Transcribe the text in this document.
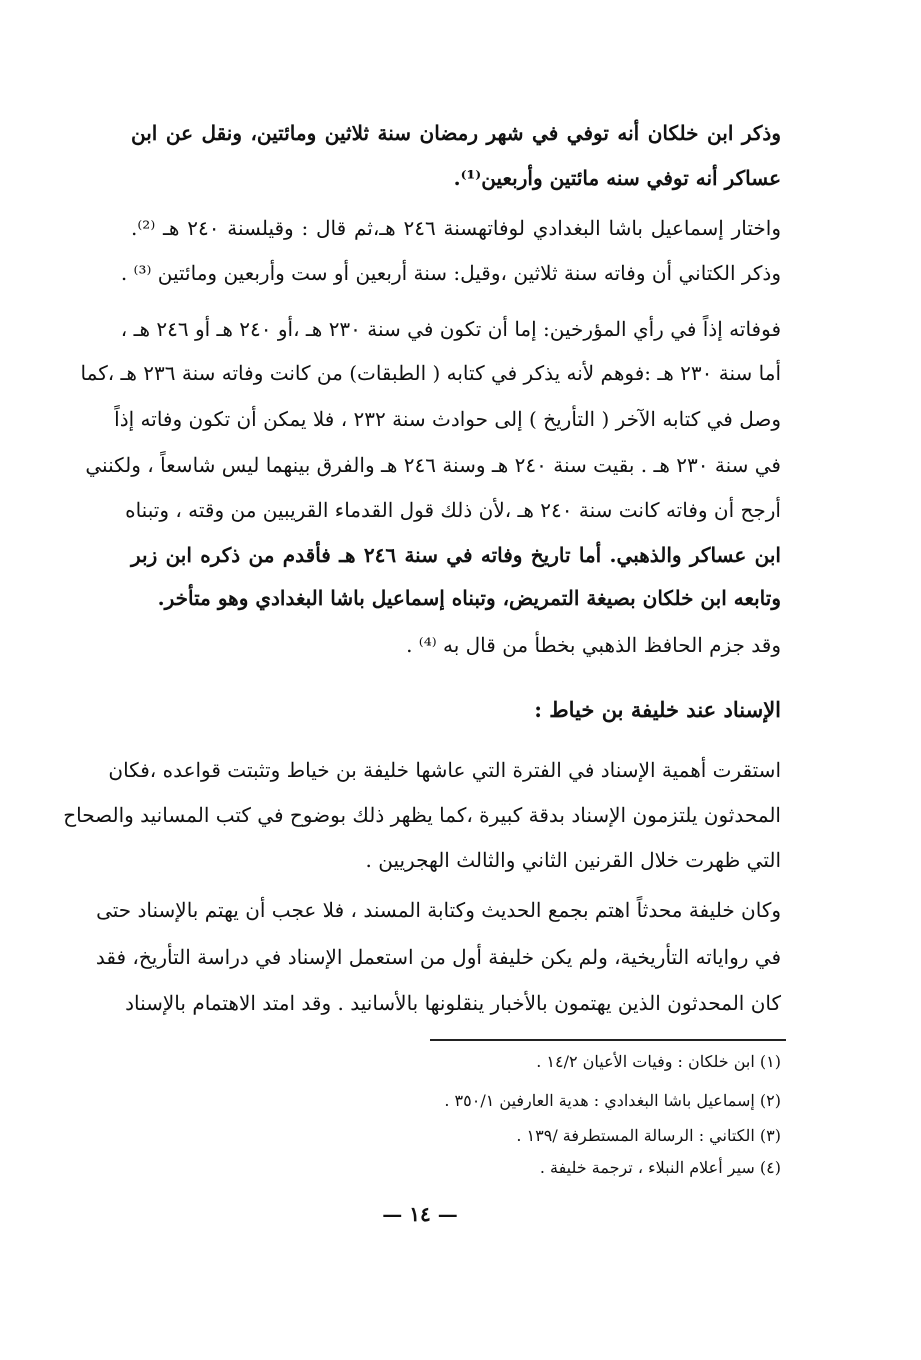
وذكر ابن خلكان أنه توفي في شهر رمضان سنة ثلاثين ومائتين، ونقل عن ابن
عساكر أنه توفي سنه مائتين وأربعين⁽¹⁾.
واختار إسماعيل باشا البغدادي لوفاتهسنة ٢٤٦ هـ،ثم قال : وقيلسنة ٢٤٠ هـ ⁽²⁾.
وذكر الكتاني أن وفاته سنة ثلاثين ،وقيل: سنة أربعين أو ست وأربعين ومائتين ⁽³⁾ .
فوفاته إذاً في رأي المؤرخين: إما أن تكون في سنة ٢٣٠ هـ ،أو ٢٤٠ هـ أو ٢٤٦ هـ ،
أما سنة ٢٣٠ هـ :فوهم لأنه يذكر في كتابه ( الطبقات) من كانت وفاته سنة ٢٣٦ هـ ،كما
وصل في كتابه الآخر ( التأريخ ) إلى حوادث سنة ٢٣٢ ، فلا يمكن أن تكون وفاته إذاً
في سنة ٢٣٠ هـ . بقيت سنة ٢٤٠ هـ وسنة ٢٤٦ هـ والفرق بينهما ليس شاسعاً ، ولكنني
أرجح أن وفاته كانت سنة ٢٤٠ هـ ،لأن ذلك قول القدماء القريبين من وقته ، وتبناه
ابن عساكر والذهبي. أما تاريخ وفاته في سنة ٢٤٦ هـ فأقدم من ذكره ابن زبر
وتابعه ابن خلكان بصيغة التمريض، وتبناه إسماعيل باشا البغدادي وهو متأخر.
وقد جزم الحافظ الذهبي بخطأ من قال به ⁽⁴⁾ .
الإسناد عند خليفة بن خياط :
استقرت أهمية الإسناد في الفترة التي عاشها خليفة بن خياط وتثبتت قواعده ،فكان
المحدثون يلتزمون الإسناد بدقة كبيرة ،كما يظهر ذلك بوضوح في كتب المسانيد والصحاح
التي ظهرت خلال القرنين الثاني والثالث الهجريين .
وكان خليفة محدثاً اهتم بجمع الحديث وكتابة المسند ، فلا عجب أن يهتم بالإسناد حتى
في رواياته التأريخية، ولم يكن خليفة أول من استعمل الإسناد في دراسة التأريخ، فقد
كان المحدثون الذين يهتمون بالأخبار ينقلونها بالأسانيد . وقد امتد الاهتمام بالإسناد
(١) ابن خلكان : وفيات الأعيان ١٤/٢ .
(٢) إسماعيل باشا البغدادي : هدية العارفين ٣٥٠/١ .
(٣) الكتاني : الرسالة المستطرفة /١٣٩ .
(٤) سير أعلام النبلاء ، ترجمة خليفة .
— ١٤ —
